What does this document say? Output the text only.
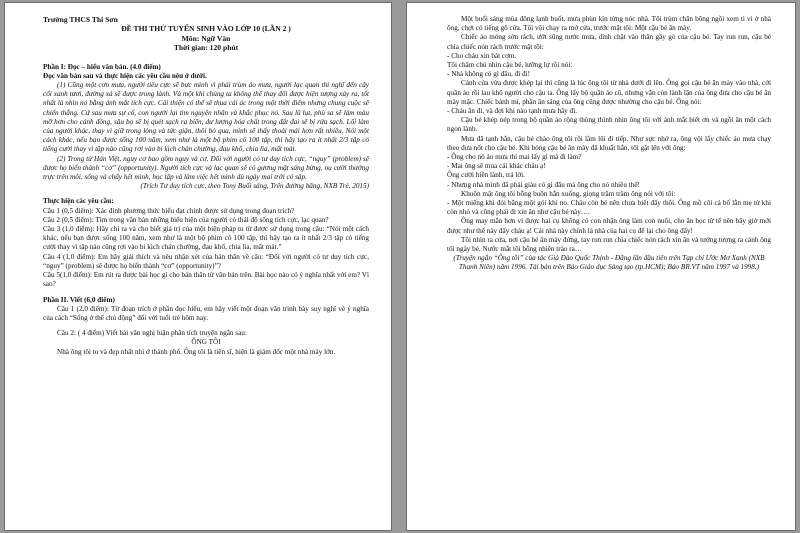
Trường THCS Thi Sơn
ĐỀ THI THỬ TUYỂN SINH VÀO LỚP 10 (LẦN 2 )
Môn: Ngữ Văn
Thời gian: 120 phút

Phần I: Đọc – hiểu văn bản. (4.0 điểm)

Đọc văn bản sau và thực hiện các yêu cầu nêu ở dưới.

(1) Cũng một cơn mưa, người tiêu cực sẽ bực mình vì phải trùm áo mưa, người lạc quan thì nghĩ đến cây cối xanh tươi, đường xá sẽ được trong lành. Và một khi chúng ta không thể thay đổi được hiện tượng xảy ra, tốt nhất là nhìn nó bằng ánh mắt tích cực. Cái thiện có thể sẽ thua cái ác trong một thời điểm nhưng chung cuộc sẽ chiến thắng. Cứ sau mưa sự cố, con người lại tìm nguyên nhân và khắc phục nó. Sau lũ lụt, phù sa sẽ làm màu mỡ hơn cho cánh đồng, sâu bọ sẽ bị quét sạch ra biển, dư lượng hóa chất trong đất đai sẽ bị rửa sạch. Lối làm của người khác, thay vì giữ trong lòng và tức giận, thôi bỏ qua, mình sẽ thấy thoải mái hơn rất nhiều. Nói một cách khác, nếu bạn được sống 100 năm, xem như là một bộ phim có 100 tập, thì hãy tạo ra ít nhất 2/3 tập có tiếng cười thay vì tập nào cũng rơi vào bi kịch chán chường, đau khổ, chia lìa, mất mát.

(2) Trong từ Hán Việt, nguy cơ bao gồm nguy và cơ. Đối với người có tư duy tích cực, “nguy” (problem) sẽ được họ biến thành “cơ” (opportunity). Người tích cực và lạc quan sẽ có gương mặt sáng bừng, nụ cười thường trực trên môi, sống và chấy hết mình, học tập và làm việc hết mình dù ngày mai trời có sập.

(Trích Tư duy tích cực, theo Tony Buổi sáng, Trên đường băng, NXB Trẻ, 2015)

Thực hiện các yêu cầu:

Câu 1 (0,5 điểm): Xác định phương thức biểu đạt chính được sử dụng trong đoạn trích?

Câu 2 (0,5 điểm): Tìm trong văn bản những biểu hiện của người có thái độ sống tích cực, lạc quan?

Câu 3 (1,0 điểm): Hãy chỉ ra và cho biết giá trị của một biện pháp tu từ được sử dụng trong câu: “Nói một cách khác, nếu bạn được sống 100 năm, xem như là một bộ phim có 100 tập, thì hãy tạo ra ít nhất 2/3 tập có tiếng cười thay vì tập nào cũng rơi vào bi kịch chán chường, đau khổ, chia lìa, mất mát.”

Câu 4 (1,0 điểm): Em hãy giải thích và nêu nhận xét của bản thân về câu: “Đối với người có tư duy tích cực, “nguy” (problem) sẽ được họ biến thành “cơ” (opportunity)”?

Câu 5(1,0 điểm): Em rút ra được bài học gì cho bản thân từ văn bản trên. Bài học nào có ý nghĩa nhất với em? Vì sao?

Phần II. Viết (6,0 điểm)

Câu 1 (2,0 điểm): Từ đoạn trích ở phần đọc hiểu, em hãy viết một đoạn văn trình bày suy nghĩ về ý nghĩa của cách “Sống ở thể chủ động” đối với tuổi trẻ hôm nay.

Câu 2: ( 4 điểm) Viết bài văn nghị luận phân tích truyện ngắn sau:

ÔNG TÔI

Nhà ông tôi to và đẹp nhất nhì ở thành phố. Ông tôi là tiến sĩ, hiện là giám đốc một nhà máy lớn.

Một buổi sáng mùa đông lạnh buốt, mưa phùn kín từng nóc nhà. Tôi trùm chăn bông ngồi xem ti vi ở nhà ông, chợt có tiếng gõ cửa. Tôi vội chạy ra mở cửa, trước mặt tôi: Một cậu bé ăn mày.

Chiếc áo mỏng sờn rách, ướt sũng nước mưa, dính chặt vào thân gầy gò của cậu bé. Tay run run, cậu bé chìa chiếc nón rách trước mặt tôi:

- Cho cháu xin bát cơm.

Tôi chăm chú nhìn cậu bé, lưỡng lự rồi nói:

- Nhà không có gì đâu, đi đi!

Cánh cửa vừa được khép lại thì cũng là lúc ông tôi từ nhà dưới đi lên. Ông gọi cậu bé ăn mày vào nhà, cởi quần áo rồi lau khô người cho cậu ta. Ông lấy bộ quần áo cũ, nhưng vẫn còn lành lặn của ông đưa cho cậu bé ăn mày mặc. Chiếc bánh mì, phần ăn sáng của ông cũng được nhường cho cậu bé. Ông nói:

- Cháu ăn đi, và đợi khi nào tạnh mưa hãy đi.

Cậu bé khép nép trong bộ quần áo rộng thùng thình nhìn ông tôi với ánh mắt biết ơn và ngồi ăn một cách ngon lành.

Mưa đã tạnh hẳn, cậu bé chào ông tôi rồi lầm lũi đi tiếp. Như sực nhớ ra, ông vội lấy chiếc áo mưa chạy theo đưa nốt cho cậu bé. Khi bóng cậu bé ăn mày đã khuất hẳn, tôi gặt lên với ông:

- Ông cho nó áo mưa thì mai lấy gì mà đi làm?

- Mai ông sẽ mua cái khác cháu ạ!

Ông cười hiền lành, trả lời.

- Nhưng nhà mình đã phải giàu có gì đâu mà ông cho nó nhiều thế!

Khuôn mặt ông tôi bỗng buồn hẳn xuống, giọng trầm trầm ông nói với tôi:

- Một miếng khi đói bằng một gói khi no. Cháu còn bé nên chưa biết đấy thôi. Ông mồ côi cả bố lẫn mẹ từ khi còn nhỏ và cũng phải đi xin ăn như cậu bé này….

Ông may mắn hơn vì được hai cụ không có con nhận ông làm con nuôi, cho ăn học từ tế nên bây giờ mới được như thế này đấy cháu ạ! Cái nhà này chính là nhà của hai cụ để lại cho ông đấy!

Tôi nhìn ra cửa, nơi cậu bé ăn mày đứng, tay run run chìa chiếc nón rách xin ăn và tướng tượng ra cảnh ông tôi ngày bé. Nước mắt tôi bỗng nhiên trào ra…

(Truyện ngắn “Ông tôi” của tác Giả Đào Quốc Thịnh - Đăng lần đầu tiên trên Tạp chí Ước Mơ Xanh (NXB Thanh Niên) năm 1996. Tái bản trên Báo Giáo dục Sáng tạo (tp.HCM); Báo BR.VT năm 1997 và 1998.)
